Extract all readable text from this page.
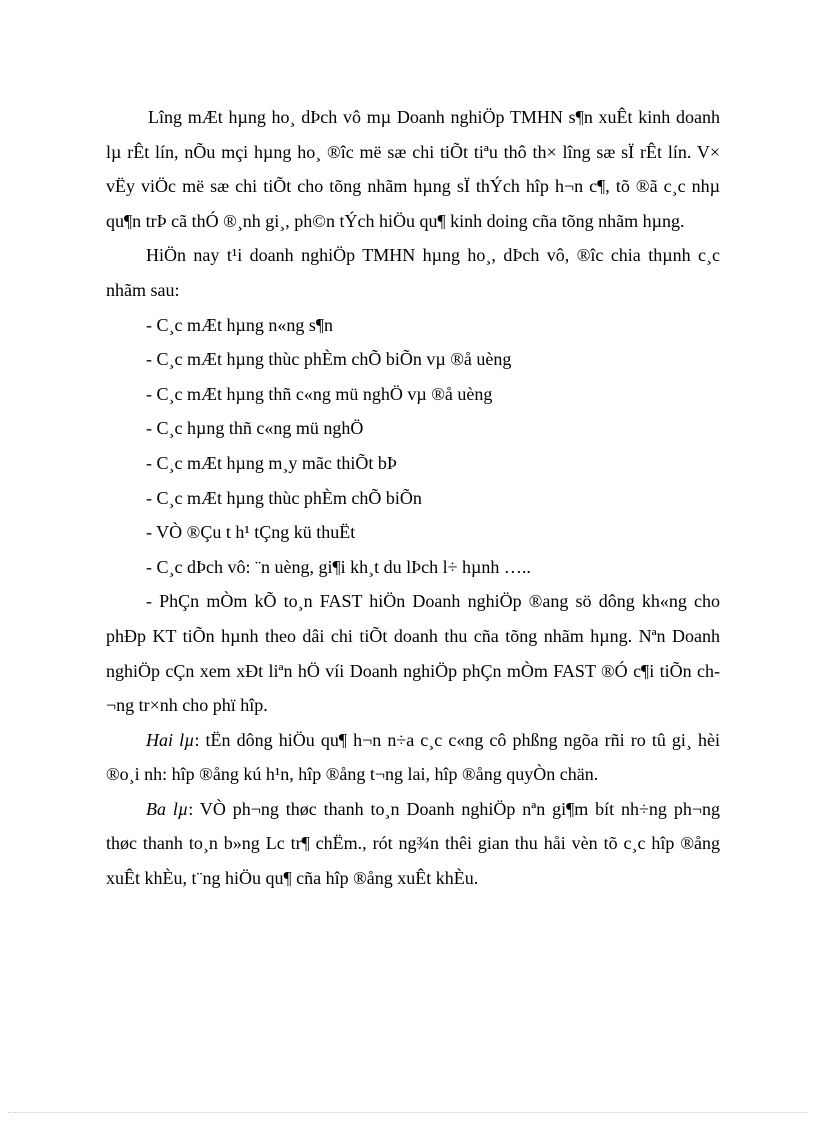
Lîng mÆt hµng ho¸ dÞch vô mµ Doanh nghiÖp TMHN s¶n xuÊt kinh doanh lµ rÊt lín, nÕu mçi hµng ho¸ ®îc më sæ chi tiÕt tiªu thô th× lîng sæ sÏ rÊt lín. V× vËy viÖc më sæ chi tiÕt cho tõng nhãm hµng sÏ thÝch hîp h¬n c¶, tõ ®ã c¸c nhµ qu¶n trÞ cã thÓ ®¸nh gi¸, ph©n tÝch hiÖu qu¶ kinh doing cña tõng nhãm hµng.

HiÖn nay t¹i doanh nghiÖp TMHN hµng ho¸, dÞch vô, ®îc chia thµnh c¸c nhãm sau:

- C¸c mÆt hµng n«ng s¶n

- C¸c mÆt hµng thùc phÈm chÕ biÕn vµ ®å uèng

- C¸c mÆt hµng thñ c«ng mü nghÖ vµ ®å uèng

- C¸c hµng thñ c«ng mü nghÖ

- C¸c mÆt hµng m¸y mãc thiÕt bÞ

- C¸c mÆt hµng thùc phÈm chÕ biÕn

- VÒ ®Çu t h¹ tÇng kü thuËt

- C¸c dÞch vô: ¨n uèng, gi¶i kh¸t du lÞch l÷ hµnh …..

- PhÇn mÒm kÕ to¸n FAST hiÖn Doanh nghiÖp ®ang sö dông kh«ng cho phÐp KT tiÕn hµnh theo dâi chi tiÕt doanh thu cña tõng nhãm hµng. Nªn Doanh nghiÖp cÇn xem xÐt liªn hÖ víi Doanh nghiÖp phÇn mÒm FAST ®Ó c¶i tiÕn ch¬ng tr×nh cho phï hîp.

Hai lµ: tËn dông hiÖu qu¶ h¬n n÷a c¸c c«ng cô phßng ngõa rñi ro tû gi¸ hèi ®o¸i nh: hîp ®ång kú h¹n, hîp ®ång t¬ng lai, hîp ®ång quyÒn chän.

Ba lµ: VÒ ph¬ng thøc thanh to¸n Doanh nghiÖp nªn gi¶m bít nh÷ng ph¬ng thøc thanh to¸n b»ng Lc tr¶ chËm., rót ng¾n thêi gian thu håi vèn tõ c¸c hîp ®ång xuÊt khÈu, t¨ng hiÖu qu¶ cña hîp ®ång xuÊt khÈu.
